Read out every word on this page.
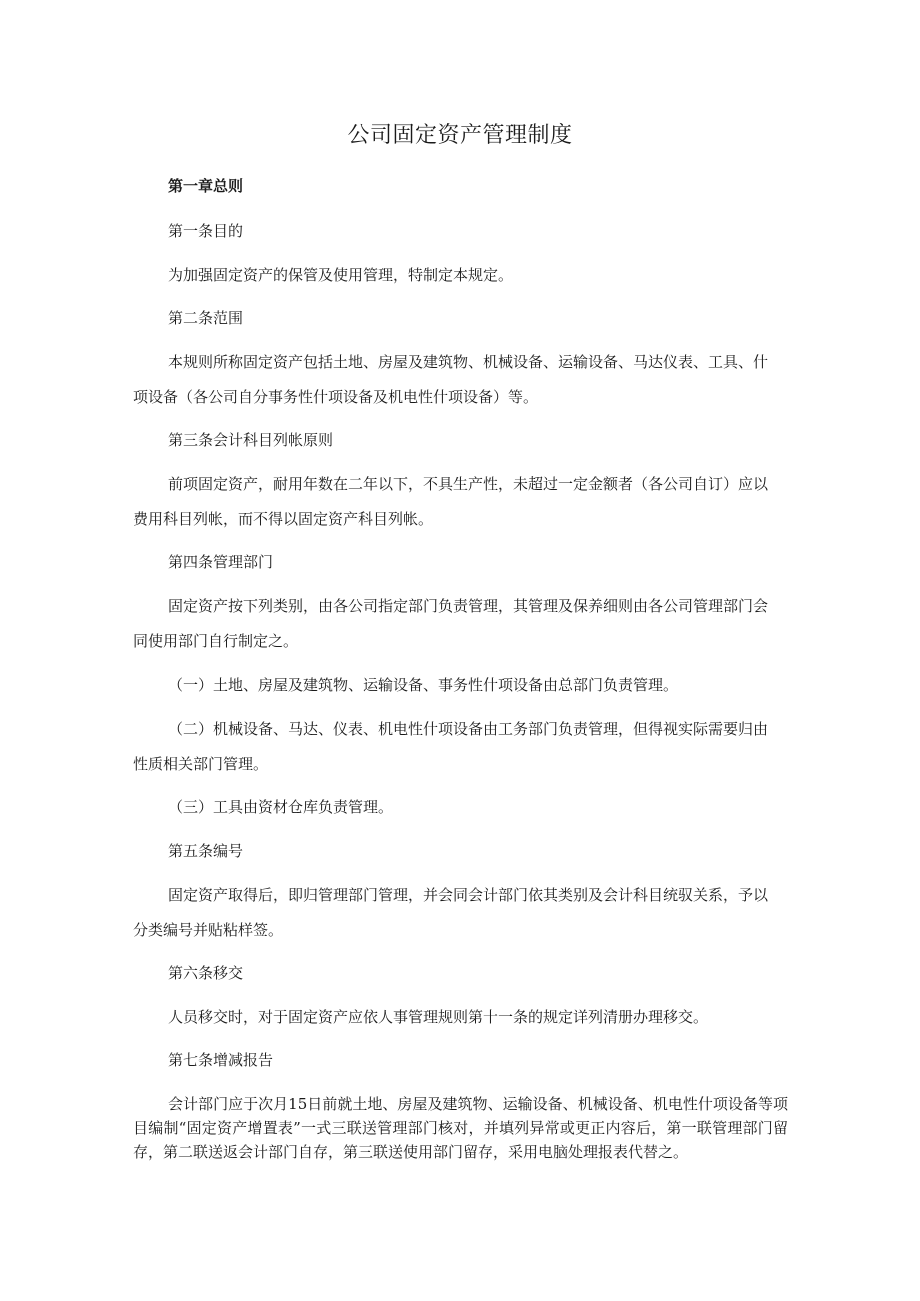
公司固定资产管理制度
第一章总则
第一条目的
为加强固定资产的保管及使用管理，特制定本规定。
第二条范围
本规则所称固定资产包括土地、房屋及建筑物、机械设备、运输设备、马达仪表、工具、什
项设备（各公司自分事务性什项设备及机电性什项设备）等。
第三条会计科目列帐原则
前项固定资产，耐用年数在二年以下，不具生产性，未超过一定金额者（各公司自订）应以
费用科目列帐，而不得以固定资产科目列帐。
第四条管理部门
固定资产按下列类别，由各公司指定部门负责管理，其管理及保养细则由各公司管理部门会
同使用部门自行制定之。
（一）土地、房屋及建筑物、运输设备、事务性什项设备由总部门负责管理。
（二）机械设备、马达、仪表、机电性什项设备由工务部门负责管理，但得视实际需要归由
性质相关部门管理。
（三）工具由资材仓库负责管理。
第五条编号
固定资产取得后，即归管理部门管理，并会同会计部门依其类别及会计科目统驭关系，予以
分类编号并贴粘样签。
第六条移交
人员移交时，对于固定资产应依人事管理规则第十一条的规定详列清册办理移交。
第七条增减报告
会计部门应于次月15日前就土地、房屋及建筑物、运输设备、机械设备、机电性什项设备等项目编制“固定资产增置表”一式三联送管理部门核对，并填列异常或更正内容后，第一联管理部门留存，第二联送返会计部门自存，第三联送使用部门留存，采用电脑处理报表代替之。
